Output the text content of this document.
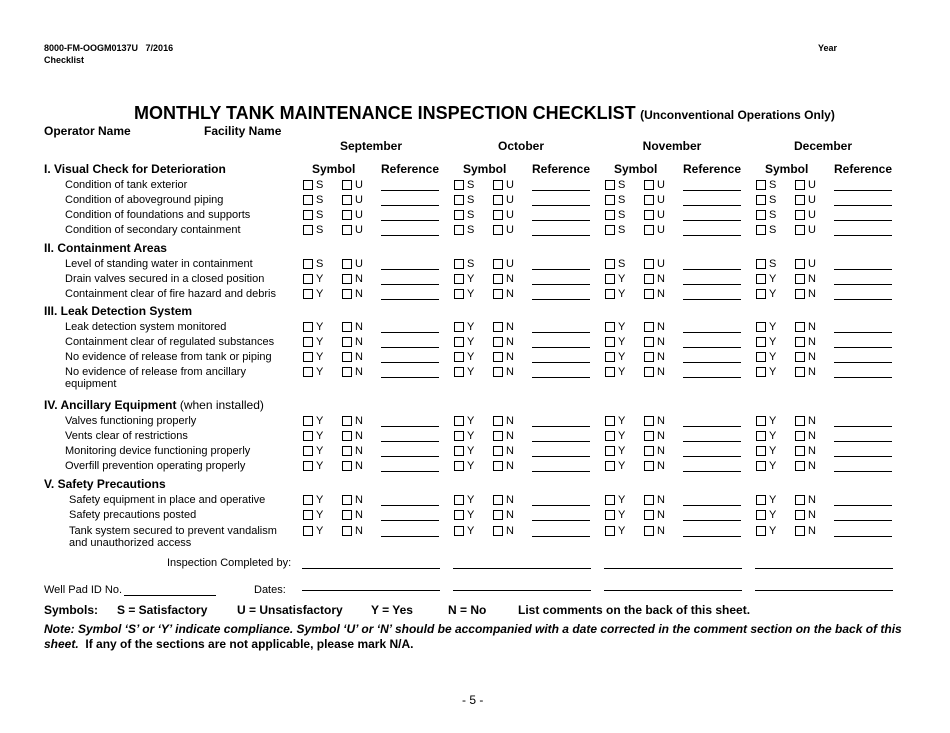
8000-FM-OOGM0137U 7/2016
Checklist
Year
MONTHLY TANK MAINTENANCE INSPECTION CHECKLIST (Unconventional Operations Only)
Operator Name	Facility Name
September	October	November	December
I. Visual Check for Deterioration	Symbol Reference Symbol Reference Symbol Reference Symbol Reference
Condition of tank exterior	S	U	S	U	S	U	S	U
Condition of aboveground piping	S	U	S	U	S	U	S	U
Condition of foundations and supports	S	U	S	U	S	U	S	U
Condition of secondary containment	S	U	S	U	S	U	S	U
II. Containment Areas
Level of standing water in containment	S	U	S	U	S	U	S	U
Drain valves secured in a closed position	Y	N	Y	N	Y	N	Y	N
Containment clear of fire hazard and debris	Y	N	Y	N	Y	N	Y	N
III. Leak Detection System
Leak detection system monitored	Y	N	Y	N	Y	N	Y	N
Containment clear of regulated substances	Y	N	Y	N	Y	N	Y	N
No evidence of release from tank or piping	Y	N	Y	N	Y	N	Y	N
No evidence of release from ancillary
equipment
Y	N	Y	N	Y	N	Y	N
IV. Ancillary Equipment (when installed)
Valves functioning properly	Y	N	Y	N	Y	N	Y	N
Vents clear of restrictions	Y	N	Y	N	Y	N	Y	N
Monitoring device functioning properly	Y	N	Y	N	Y	N	Y	N
Overfill prevention operating properly	Y	N	Y	N	Y	N	Y	N
V. Safety Precautions
Safety equipment in place and operative	Y	N	Y	N	Y	N	Y	N
Safety precautions posted	Y	N	Y	N	Y	N	Y	N
Tank system secured to prevent vandalism
and unauthorized access
Y	N	Y	N	Y	N	Y	N
Inspection Completed by:
Well Pad ID No.	Dates:
Symbols: S = Satisfactory U = Unsatisfactory Y = Yes	N = No	List comments on the back of this sheet.
Note: Symbol ‘S’ or ‘Y’ indicate compliance. Symbol ‘U’ or ‘N’ should be accompanied with a date corrected in the comment section on the back of this sheet. If any of the sections are not applicable, please mark N/A.
- 5 -
